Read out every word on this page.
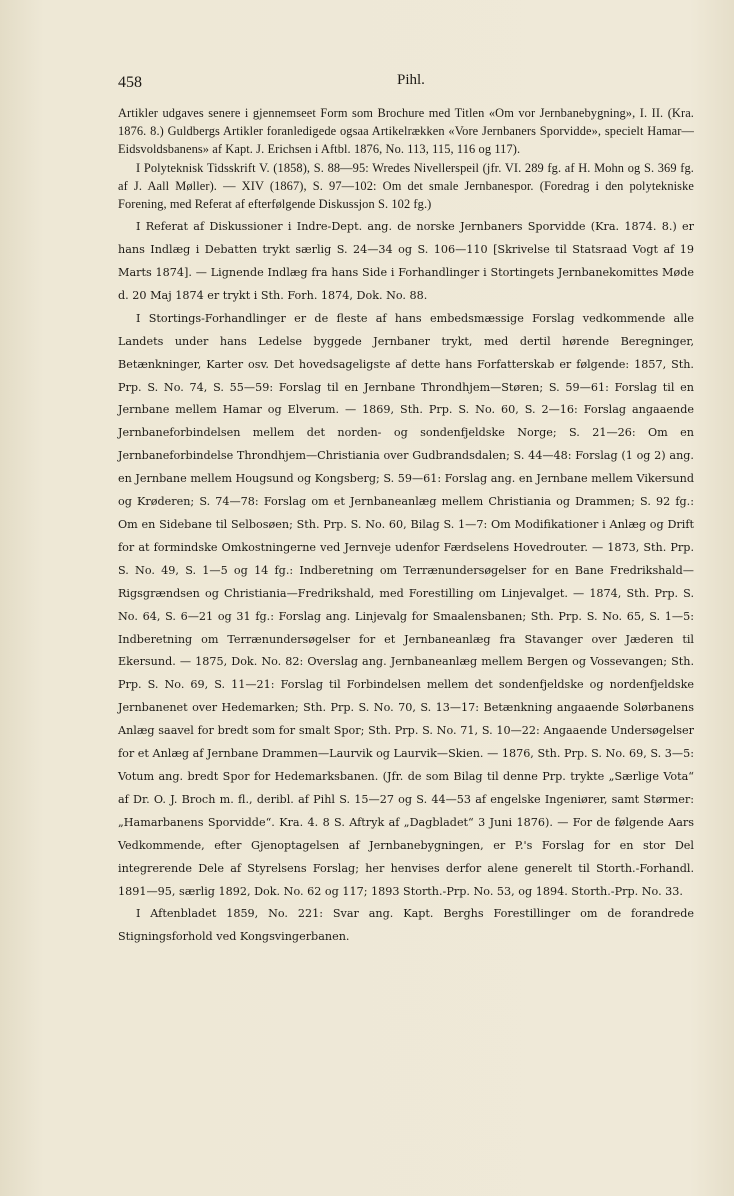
458	Pihl.

Artikler udgaves senere i gjennemseet Form som Brochure med Titlen «Om vor Jernbanebygning», I. II. (Kra. 1876. 8.) Guldbergs Artikler foranledigede ogsaa Artikelrækken «Vore Jernbaners Sporvidde», specielt Hamar—Eidsvoldsbanens» af Kapt. J. Erichsen i Aftbl. 1876, No. 113, 115, 116 og 117).

I Polyteknisk Tidsskrift V. (1858), S. 88—95: Wredes Nivellerspeil (jfr. VI. 289 fg. af H. Mohn og S. 369 fg. af J. Aall Møller). — XIV (1867), S. 97—102: Om det smale Jernbanespor. (Foredrag i den polytekniske Forening, med Referat af efterfølgende Diskussjon S. 102 fg.)

I Referat af Diskussioner i Indre-Dept. ang. de norske Jernbaners Sporvidde (Kra. 1874. 8.) er hans Indlæg i Debatten trykt særlig S. 24—34 og S. 106—110 [Skrivelse til Statsraad Vogt af 19 Marts 1874]. — Lignende Indlæg fra hans Side i Forhandlinger i Stortingets Jernbanekomittes Møde d. 20 Maj 1874 er trykt i Sth. Forh. 1874, Dok. No. 88.

I Stortings-Forhandlinger er de fleste af hans embedsmæssige Forslag vedkommende alle Landets under hans Ledelse byggede Jernbaner trykt, med dertil hørende Beregninger, Betænkninger, Karter osv. Det hovedsageligste af dette hans Forfatterskab er følgende: 1857, Sth. Prp. S. No. 74, S. 55—59: Forslag til en Jernbane Throndhjem—Støren; S. 59—61: Forslag til en Jernbane mellem Hamar og Elverum. — 1869, Sth. Prp. S. No. 60, S. 2—16: Forslag angaaende Jernbaneforbindelsen mellem det norden- og sondenfjeldske Norge; S. 21—26: Om en Jernbaneforbindelse Throndhjem—Christiania over Gudbrandsdalen; S. 44—48: Forslag (1 og 2) ang. en Jernbane mellem Hougsund og Kongsberg; S. 59—61: Forslag ang. en Jernbane mellem Vikersund og Krøderen; S. 74—78: Forslag om et Jernbaneanlæg mellem Christiania og Drammen; S. 92 fg.: Om en Sidebane til Selbosøen; Sth. Prp. S. No. 60, Bilag S. 1—7: Om Modifikationer i Anlæg og Drift for at formindske Omkostningerne ved Jernveje udenfor Færdselens Hovedrouter. — 1873, Sth. Prp. S. No. 49, S. 1—5 og 14 fg.: Indberetning om Terrænundersøgelser for en Bane Fredrikshald—Rigsgrændsen og Christiania—Fredrikshald, med Forestilling om Linjevalget. — 1874, Sth. Prp. S. No. 64, S. 6—21 og 31 fg.: Forslag ang. Linjevalg for Smaalensbanen; Sth. Prp. S. No. 65, S. 1—5: Indberetning om Terrænundersøgelser for et Jernbaneanlæg fra Stavanger over Jæderen til Ekersund. — 1875, Dok. No. 82: Overslag ang. Jernbaneanlæg mellem Bergen og Vossevangen; Sth. Prp. S. No. 69, S. 11—21: Forslag til Forbindelsen mellem det sondenfjeldske og nordenfjeldske Jernbanenet over Hedemarken; Sth. Prp. S. No. 70, S. 13—17: Betænkning angaaende Solørbanens Anlæg saavel for bredt som for smalt Spor; Sth. Prp. S. No. 71, S. 10—22: Angaaende Undersøgelser for et Anlæg af Jernbane Drammen—Laurvik og Laurvik—Skien. — 1876, Sth. Prp. S. No. 69, S. 3—5: Votum ang. bredt Spor for Hedemarksbanen. (Jfr. de som Bilag til denne Prp. trykte „Særlige Vota“ af Dr. O. J. Broch m. fl., deribl. af Pihl S. 15—27 og S. 44—53 af engelske Ingeniører, samt Størmer: „Hamarbanens Sporvidde“. Kra. 4. 8 S. Aftryk af „Dagbladet“ 3 Juni 1876). — For de følgende Aars Vedkommende, efter Gjenoptagelsen af Jernbanebygningen, er P.'s Forslag for en stor Del integrerende Dele af Styrelsens Forslag; her henvises derfor alene generelt til Storth.-Forhandl. 1891—95, særlig 1892, Dok. No. 62 og 117; 1893 Storth.-Prp. No. 53, og 1894. Storth.-Prp. No. 33.

I Aftenbladet 1859, No. 221: Svar ang. Kapt. Berghs Forestillinger om de forandrede Stigningsforhold ved Kongsvingerbanen.
